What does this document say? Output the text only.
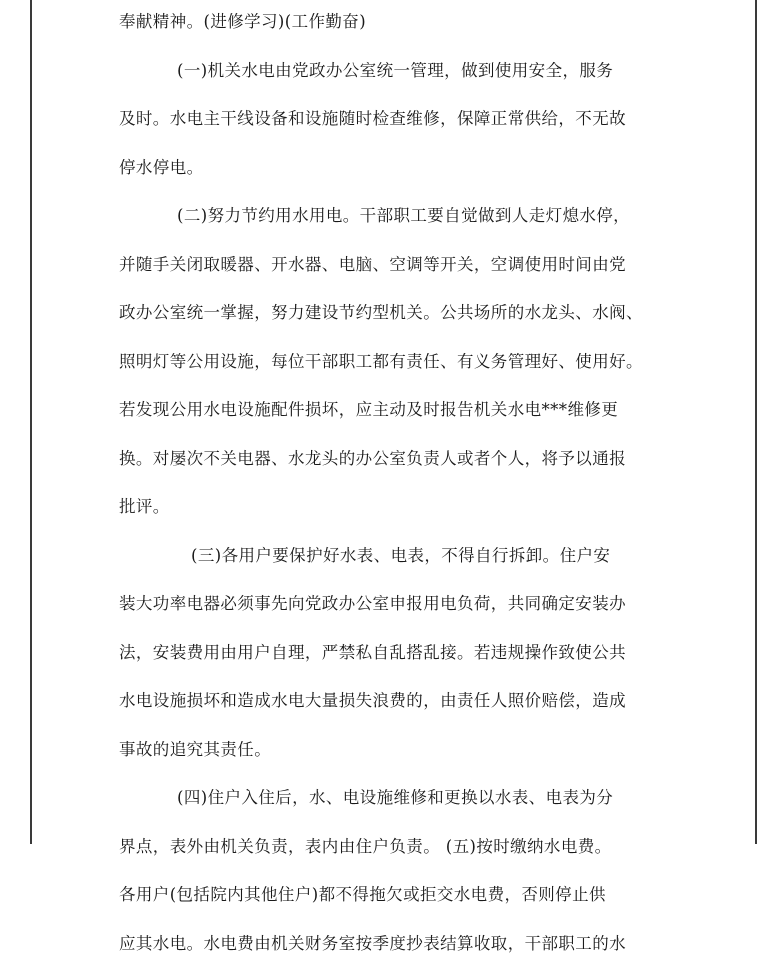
奉献精神。(进修学习)(工作勤奋)
(一)机关水电由党政办公室统一管理，做到使用安全，服务
及时。水电主干线设备和设施随时检查维修，保障正常供给，不无故
停水停电。
(二)努力节约用水用电。干部职工要自觉做到人走灯熄水停，
并随手关闭取暖器、开水器、电脑、空调等开关，空调使用时间由党
政办公室统一掌握，努力建设节约型机关。公共场所的水龙头、水阀、
照明灯等公用设施，每位干部职工都有责任、有义务管理好、使用好。
若发现公用水电设施配件损坏，应主动及时报告机关水电***维修更
换。对屡次不关电器、水龙头的办公室负责人或者个人，将予以通报
批评。
(三)各用户要保护好水表、电表，不得自行拆卸。住户安
装大功率电器必须事先向党政办公室申报用电负荷，共同确定安装办
法，安装费用由用户自理，严禁私自乱搭乱接。若违规操作致使公共
水电设施损坏和造成水电大量损失浪费的，由责任人照价赔偿，造成
事故的追究其责任。
(四)住户入住后，水、电设施维修和更换以水表、电表为分
界点，表外由机关负责，表内由住户负责。 (五)按时缴纳水电费。
各用户(包括院内其他住户)都不得拖欠或拒交水电费，否则停止供
应其水电。水电费由机关财务室按季度抄表结算收取，干部职工的水
